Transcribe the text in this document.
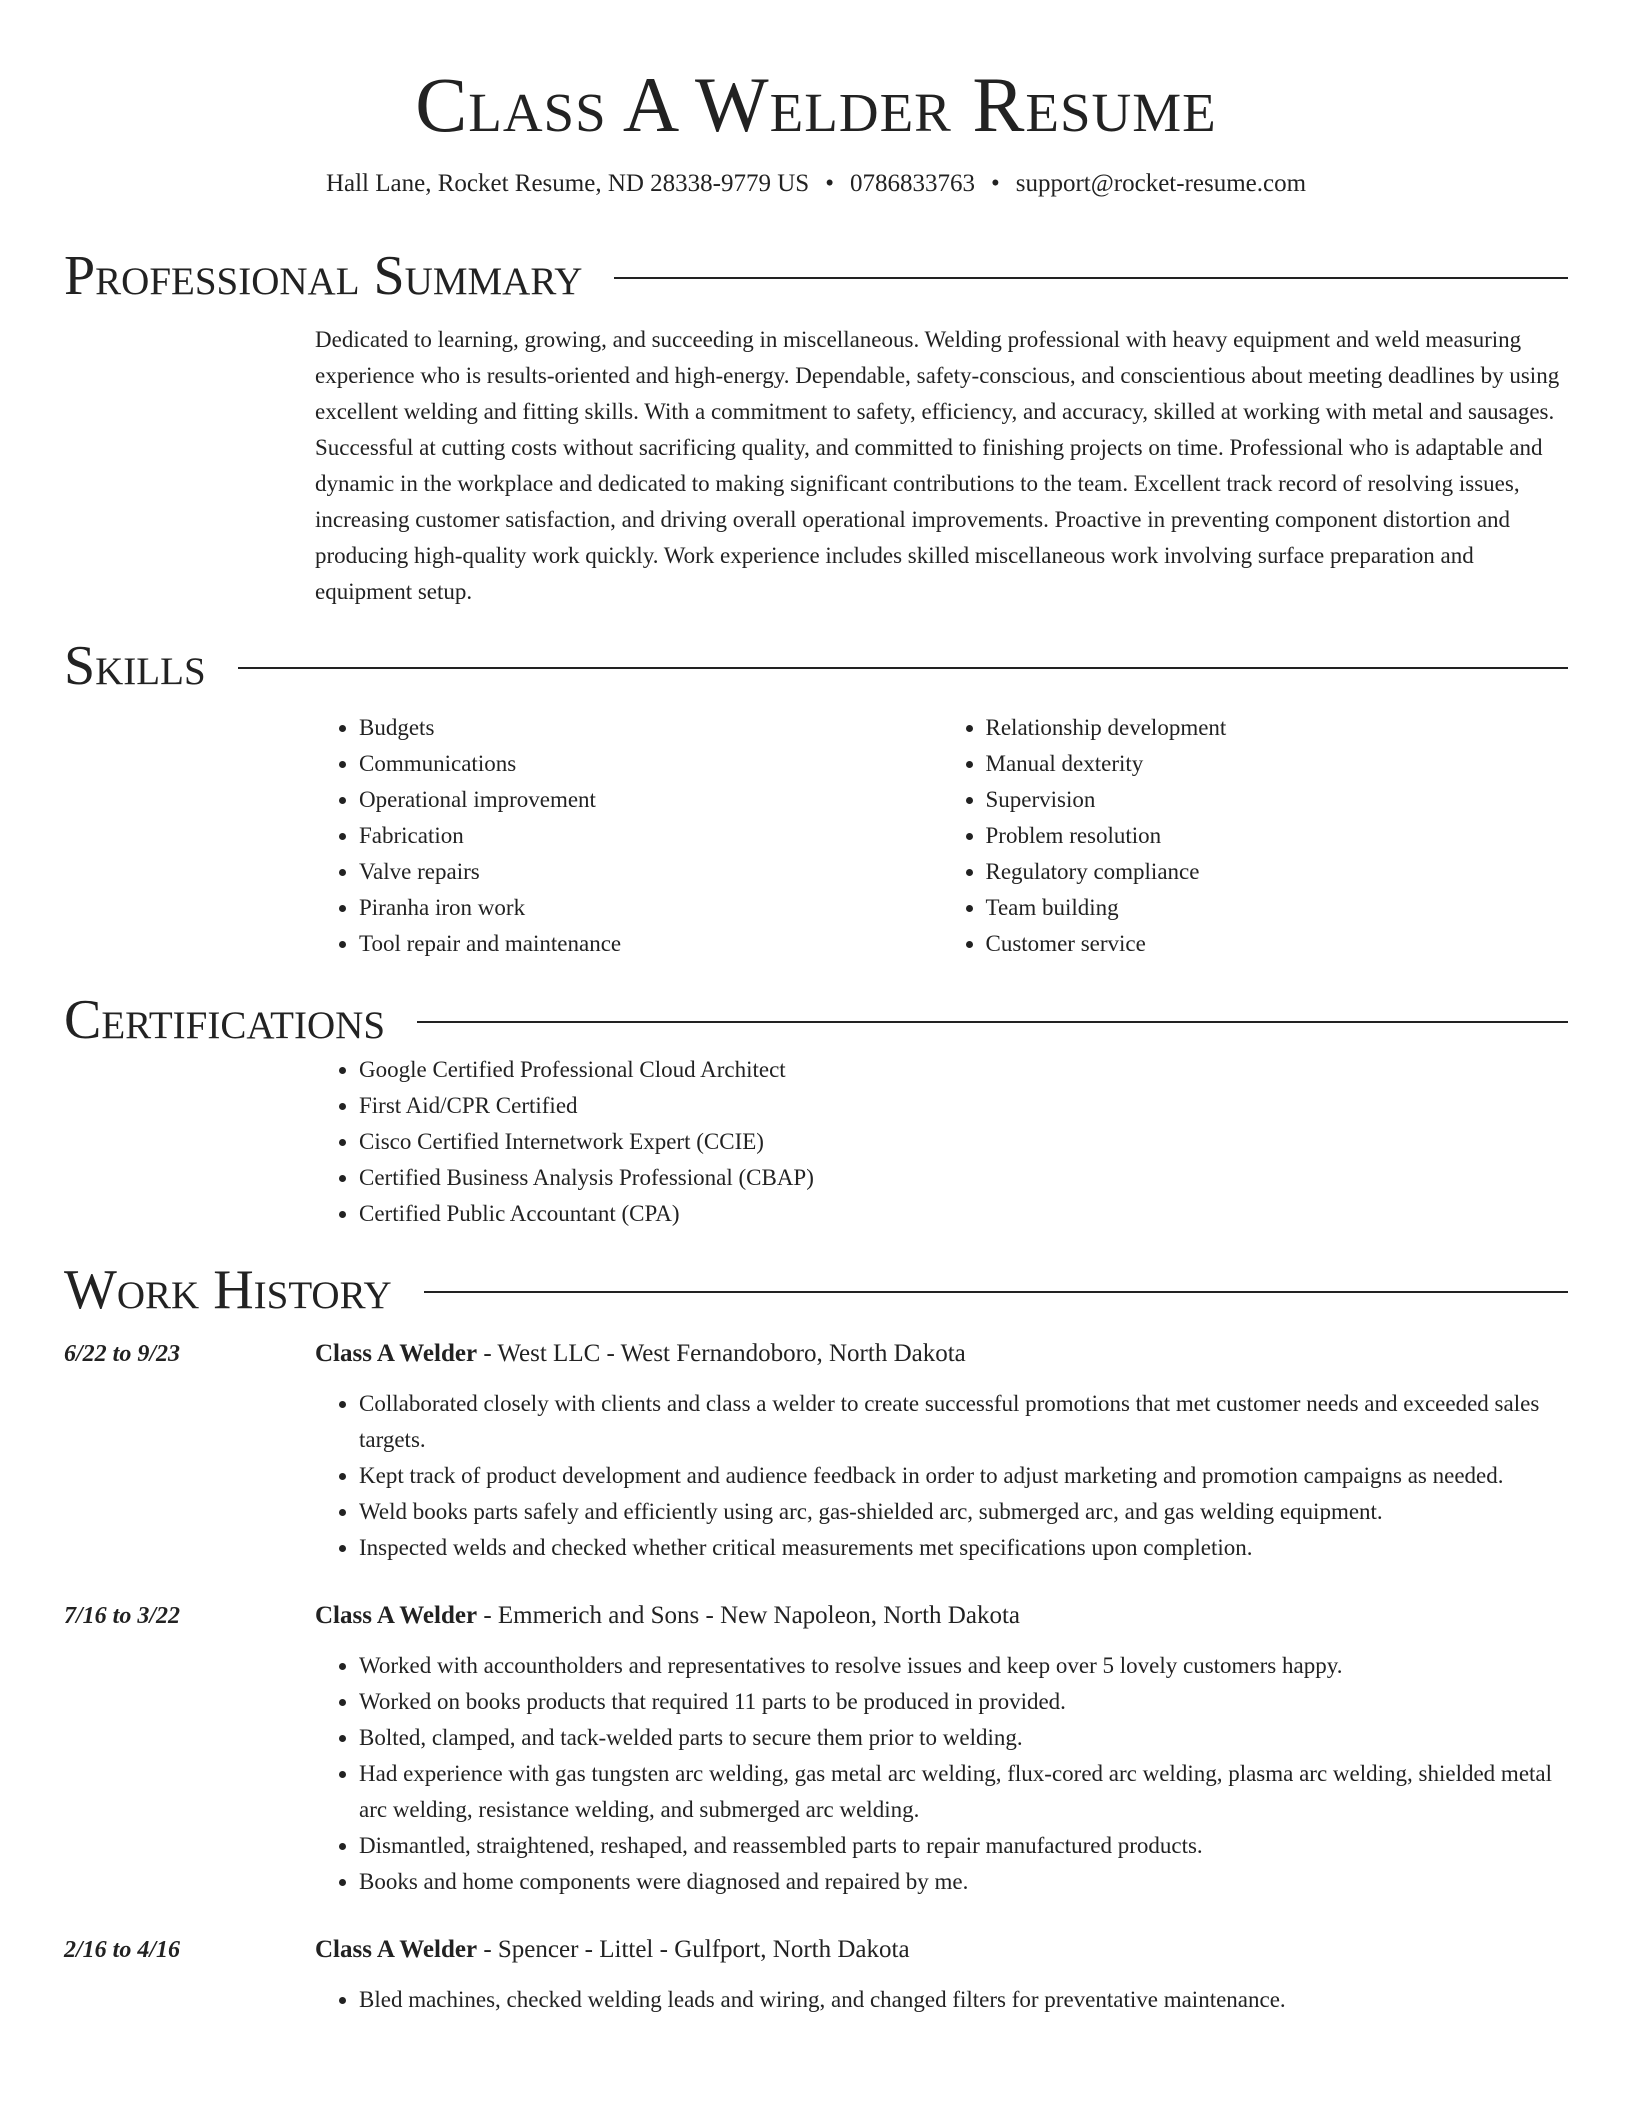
Class A Welder Resume
Hall Lane, Rocket Resume, ND 28338-9779 US • 0786833763 • support@rocket-resume.com
Professional Summary

Dedicated to learning, growing, and succeeding in miscellaneous. Welding professional with heavy equipment and weld measuring experience who is results-oriented and high-energy. Dependable, safety-conscious, and conscientious about meeting deadlines by using excellent welding and fitting skills. With a commitment to safety, efficiency, and accuracy, skilled at working with metal and sausages. Successful at cutting costs without sacrificing quality, and committed to finishing projects on time. Professional who is adaptable and dynamic in the workplace and dedicated to making significant contributions to the team. Excellent track record of resolving issues, increasing customer satisfaction, and driving overall operational improvements. Proactive in preventing component distortion and producing high-quality work quickly. Work experience includes skilled miscellaneous work involving surface preparation and equipment setup.

Skills
• Budgets
• Communications
• Operational improvement
• Fabrication
• Valve repairs
• Piranha iron work
• Tool repair and maintenance
• Relationship development
• Manual dexterity
• Supervision
• Problem resolution
• Regulatory compliance
• Team building
• Customer service
Certifications
• Google Certified Professional Cloud Architect
• First Aid/CPR Certified
• Cisco Certified Internetwork Expert (CCIE)
• Certified Business Analysis Professional (CBAP)
• Certified Public Accountant (CPA)
Work History
6/22 to 9/23	Class A Welder - West LLC - West Fernandoboro, North Dakota
• Collaborated closely with clients and class a welder to create successful promotions that met customer needs and exceeded sales targets.
• Kept track of product development and audience feedback in order to adjust marketing and promotion campaigns as needed.
• Weld books parts safely and efficiently using arc, gas-shielded arc, submerged arc, and gas welding equipment.
• Inspected welds and checked whether critical measurements met specifications upon completion.
7/16 to 3/22	Class A Welder - Emmerich and Sons - New Napoleon, North Dakota
• Worked with accountholders and representatives to resolve issues and keep over 5 lovely customers happy.
• Worked on books products that required 11 parts to be produced in provided.
• Bolted, clamped, and tack-welded parts to secure them prior to welding.
• Had experience with gas tungsten arc welding, gas metal arc welding, flux-cored arc welding, plasma arc welding, shielded metal arc welding, resistance welding, and submerged arc welding.
• Dismantled, straightened, reshaped, and reassembled parts to repair manufactured products.
• Books and home components were diagnosed and repaired by me.
2/16 to 4/16	Class A Welder - Spencer - Littel - Gulfport, North Dakota
• Bled machines, checked welding leads and wiring, and changed filters for preventative maintenance.
